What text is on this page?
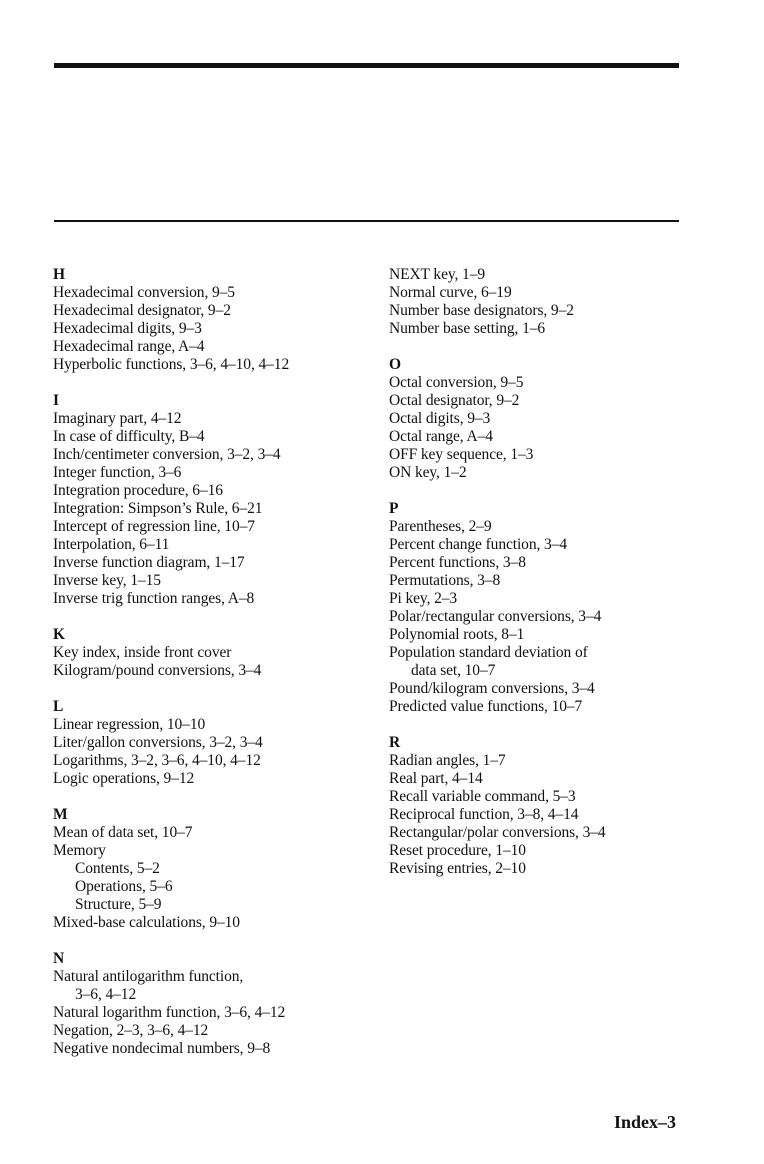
H
Hexadecimal conversion, 9–5
Hexadecimal designator, 9–2
Hexadecimal digits, 9–3
Hexadecimal range, A–4
Hyperbolic functions, 3–6, 4–10, 4–12
I
Imaginary part, 4–12
In case of difficulty, B–4
Inch/centimeter conversion, 3–2, 3–4
Integer function, 3–6
Integration procedure, 6–16
Integration: Simpson’s Rule, 6–21
Intercept of regression line, 10–7
Interpolation, 6–11
Inverse function diagram, 1–17
Inverse key, 1–15
Inverse trig function ranges, A–8
K
Key index, inside front cover
Kilogram/pound conversions, 3–4
L
Linear regression, 10–10
Liter/gallon conversions, 3–2, 3–4
Logarithms, 3–2, 3–6, 4–10, 4–12
Logic operations, 9–12
M
Mean of data set, 10–7
Memory
Contents, 5–2
Operations, 5–6
Structure, 5–9
Mixed-base calculations, 9–10
N
Natural antilogarithm function,
3–6, 4–12
Natural logarithm function, 3–6, 4–12
Negation, 2–3, 3–6, 4–12
Negative nondecimal numbers, 9–8
NEXT key, 1–9
Normal curve, 6–19
Number base designators, 9–2
Number base setting, 1–6
O
Octal conversion, 9–5
Octal designator, 9–2
Octal digits, 9–3
Octal range, A–4
OFF key sequence, 1–3
ON key, 1–2
P
Parentheses, 2–9
Percent change function, 3–4
Percent functions, 3–8
Permutations, 3–8
Pi key, 2–3
Polar/rectangular conversions, 3–4
Polynomial roots, 8–1
Population standard deviation of
data set, 10–7
Pound/kilogram conversions, 3–4
Predicted value functions, 10–7
R
Radian angles, 1–7
Real part, 4–14
Recall variable command, 5–3
Reciprocal function, 3–8, 4–14
Rectangular/polar conversions, 3–4
Reset procedure, 1–10
Revising entries, 2–10
Index–3
